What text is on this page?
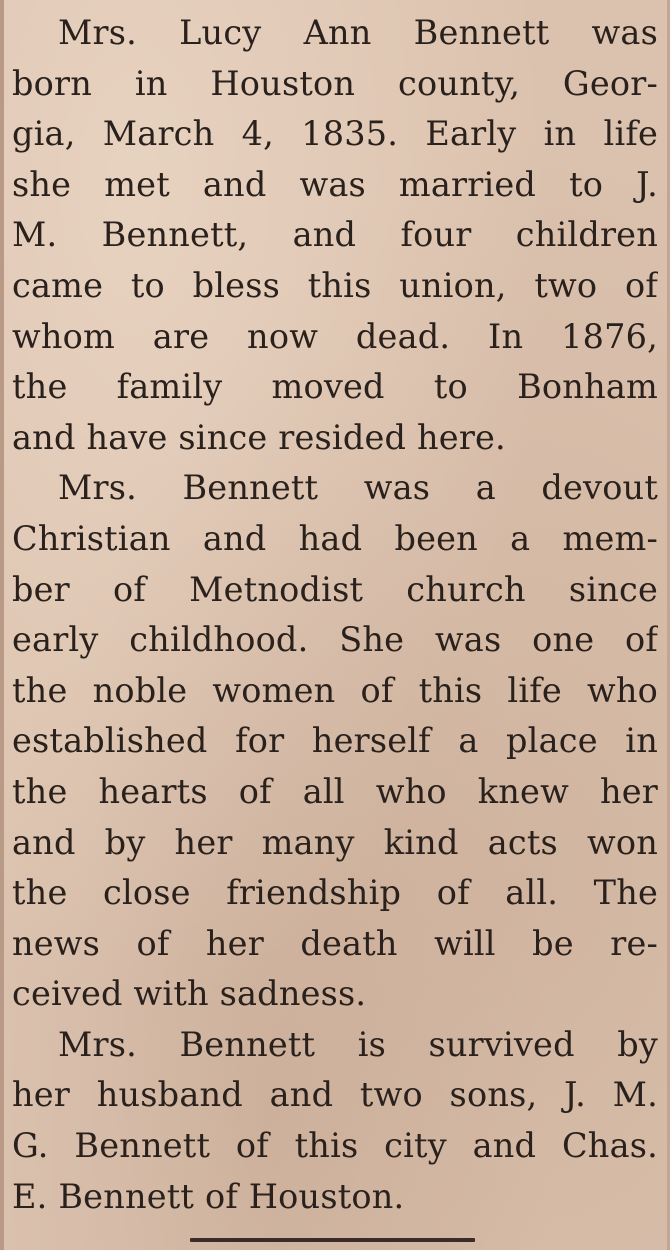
Mrs. Lucy Ann Bennett was
born in Houston county, Geor-
gia, March 4, 1835. Early in life
she met and was married to J.
M. Bennett, and four children
came to bless this union, two of
whom are now dead. In 1876,
the family moved to Bonham
and have since resided here.
Mrs. Bennett was a devout
Christian and had been a mem-
ber of Metnodist church since
early childhood. She was one of
the noble women of this life who
established for herself a place in
the hearts of all who knew her
and by her many kind acts won
the close friendship of all. The
news of her death will be re-
ceived with sadness.
Mrs. Bennett is survived by
her husband and two sons, J. M.
G. Bennett of this city and Chas.
E. Bennett of Houston.
